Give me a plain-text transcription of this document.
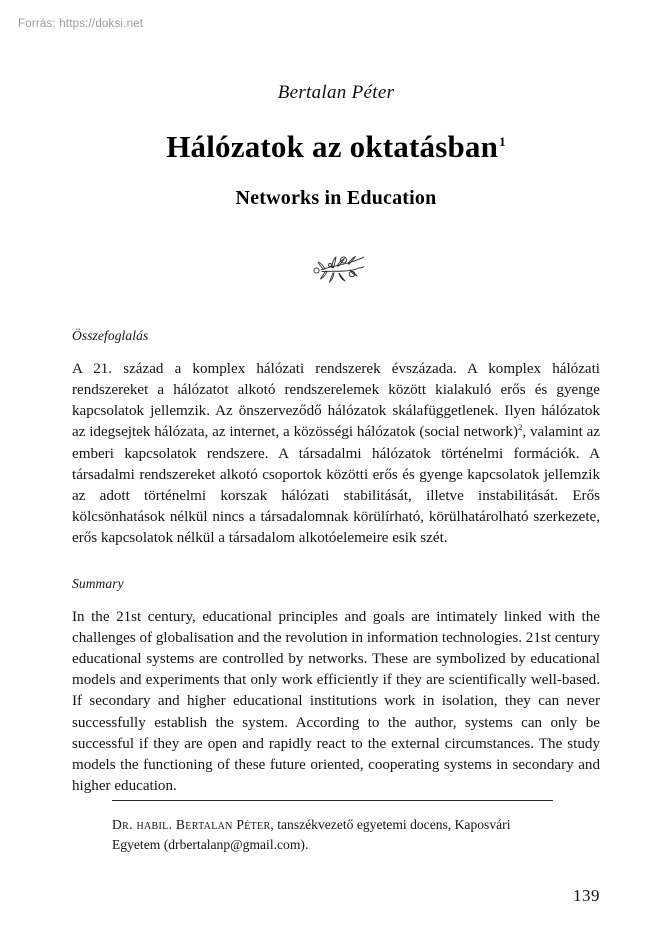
Forrás: https://doksi.net
Bertalan Péter
Hálózatok az oktatásban$^1$
Networks in Education
Összefoglalás

A 21. század a komplex hálózati rendszerek évszázada. A komplex hálózati rendszereket a hálózatot alkotó rendszerelemek között kialakuló erős és gyenge kapcsolatok jellemzik. Az önszerveződő hálózatok skálafüggetlenek. Ilyen hálózatok az idegsejtek hálózata, az internet, a közösségi hálózatok (social network)$^2$, valamint az emberi kapcsolatok rendszere. A társadalmi hálózatok történelmi formációk. A társadalmi rendszereket alkotó csoportok közötti erős és gyenge kapcsolatok jellemzik az adott történelmi korszak hálózati stabilitását, illetve instabilitását. Erős kölcsönhatások nélkül nincs a társadalomnak körülírható, körülhatárolható szerkezete, erős kapcsolatok nélkül a társadalom alkotóelemeire esik szét.

Summary

In the 21st century, educational principles and goals are intimately linked with the challenges of globalisation and the revolution in information technologies. 21st century educational systems are controlled by networks. These are symbolized by educational models and experiments that only work efficiently if they are scientifically well-based. If secondary and higher educational institutions work in isolation, they can never successfully establish the system. According to the author, systems can only be successful if they are open and rapidly react to the external circumstances. The study models the functioning of these future oriented, cooperating systems in secondary and higher education.

Dr. habil. Bertalan Péter, tanszékvezető egyetemi docens, Kaposvári Egyetem (drbertalanp@gmail.com).

139
